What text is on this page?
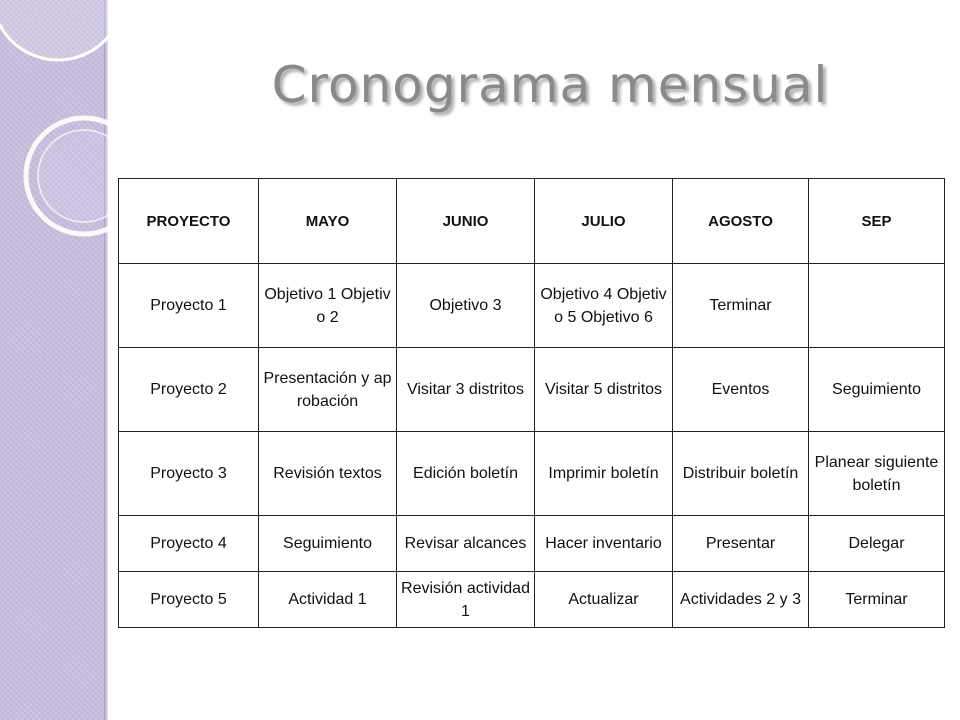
Cronograma mensual
PROYECTO	MAYO	JUNIO	JULIO	AGOSTO	SEP
Proyecto 1	Objetivo 1 Objetivo 2	Objetivo 3	Objetivo 4 Objetivo 5 Objetivo 6	Terminar	
Proyecto 2	Presentación y aprobación	Visitar 3 distritos	Visitar 5 distritos	Eventos	Seguimiento
Proyecto 3	Revisión textos	Edición boletín	Imprimir boletín	Distribuir boletín	Planear siguiente boletín
Proyecto 4	Seguimiento	Revisar alcances	Hacer inventario	Presentar	Delegar
Proyecto 5	Actividad 1	Revisión actividad 1	Actualizar	Actividades 2 y 3	Terminar
